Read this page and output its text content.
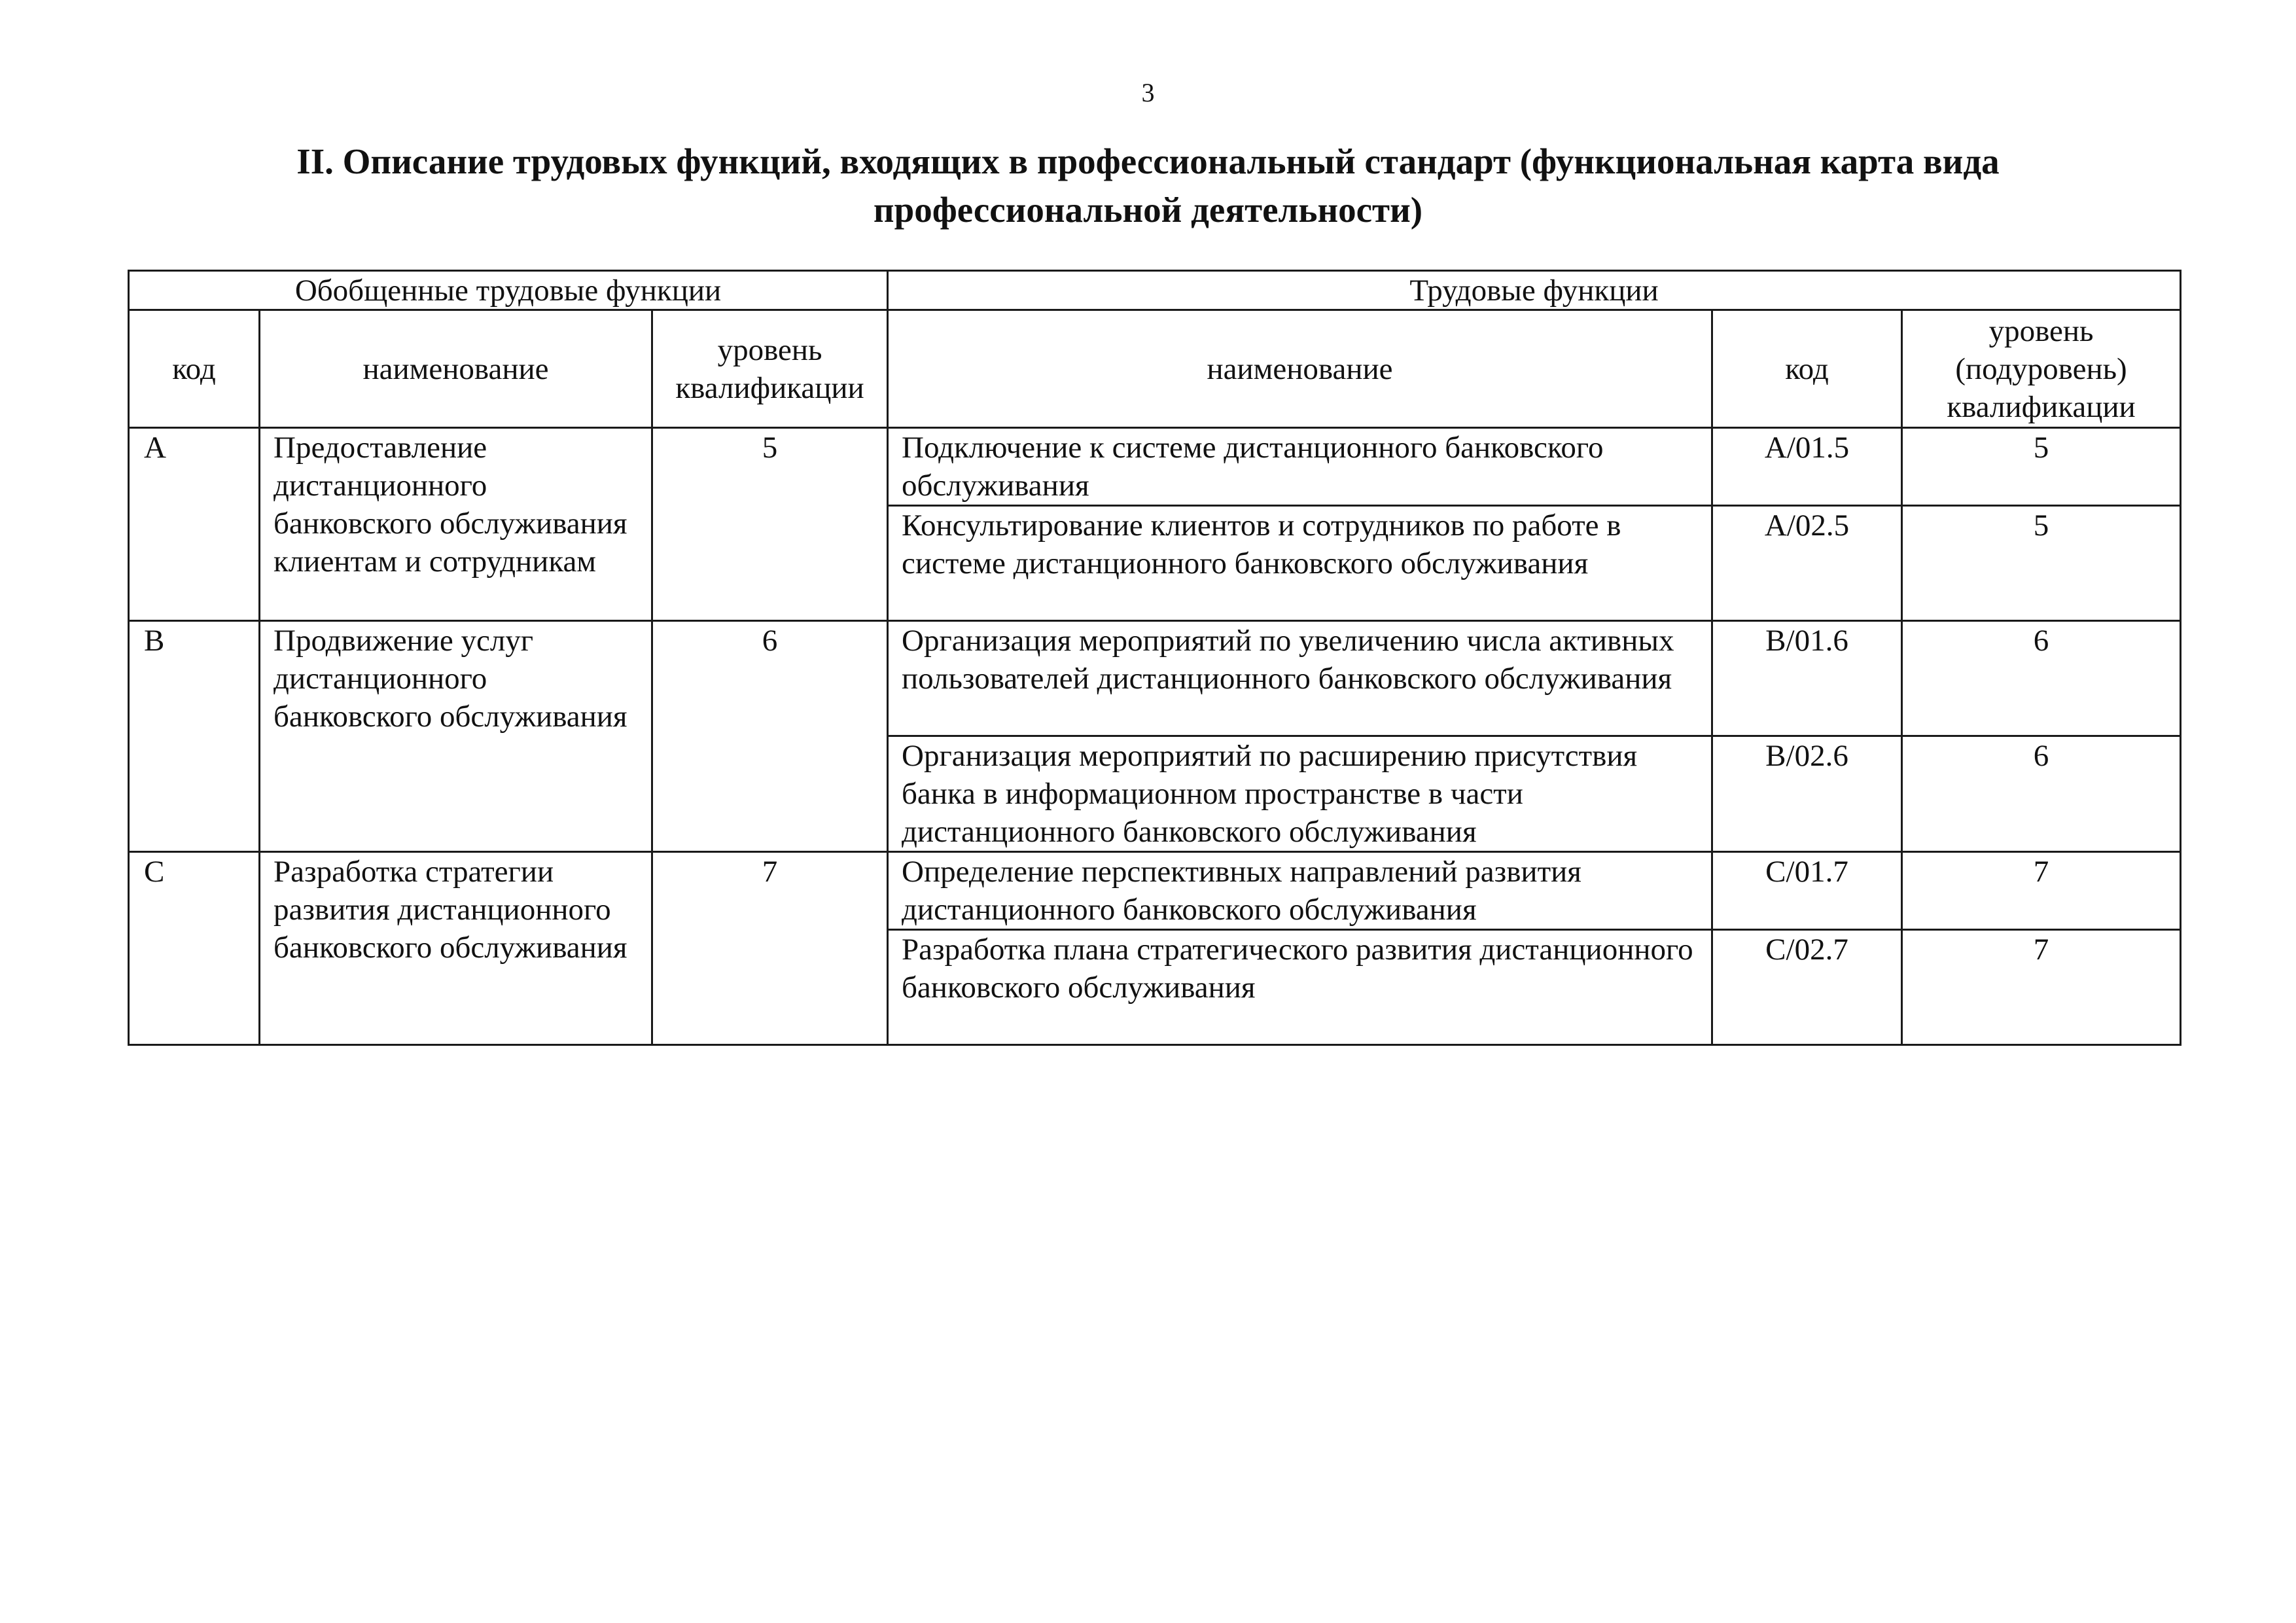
3
II. Описание трудовых функций, входящих в профессиональный стандарт (функциональная карта вида
профессиональной деятельности)
Обобщенные трудовые функции			Трудовые функции		
код	наименование	уровень квалификации	наименование	код	уровень (подуровень) квалификации
A	Предоставление дистанционного банковского обслуживания клиентам и сотрудникам	5	Подключение к системе дистанционного банковского обслуживания	A/01.5	5
			Консультирование клиентов и сотрудников по работе в системе дистанционного банковского обслуживания	A/02.5	5
B	Продвижение услуг дистанционного банковского обслуживания	6	Организация мероприятий по увеличению числа активных пользователей дистанционного банковского обслуживания	B/01.6	6
			Организация мероприятий по расширению присутствия банка в информационном пространстве в части дистанционного банковского обслуживания	B/02.6	6
C	Разработка стратегии развития дистанционного банковского обслуживания	7	Определение перспективных направлений развития дистанционного банковского обслуживания	C/01.7	7
			Разработка плана стратегического развития дистанционного банковского обслуживания	C/02.7	7
